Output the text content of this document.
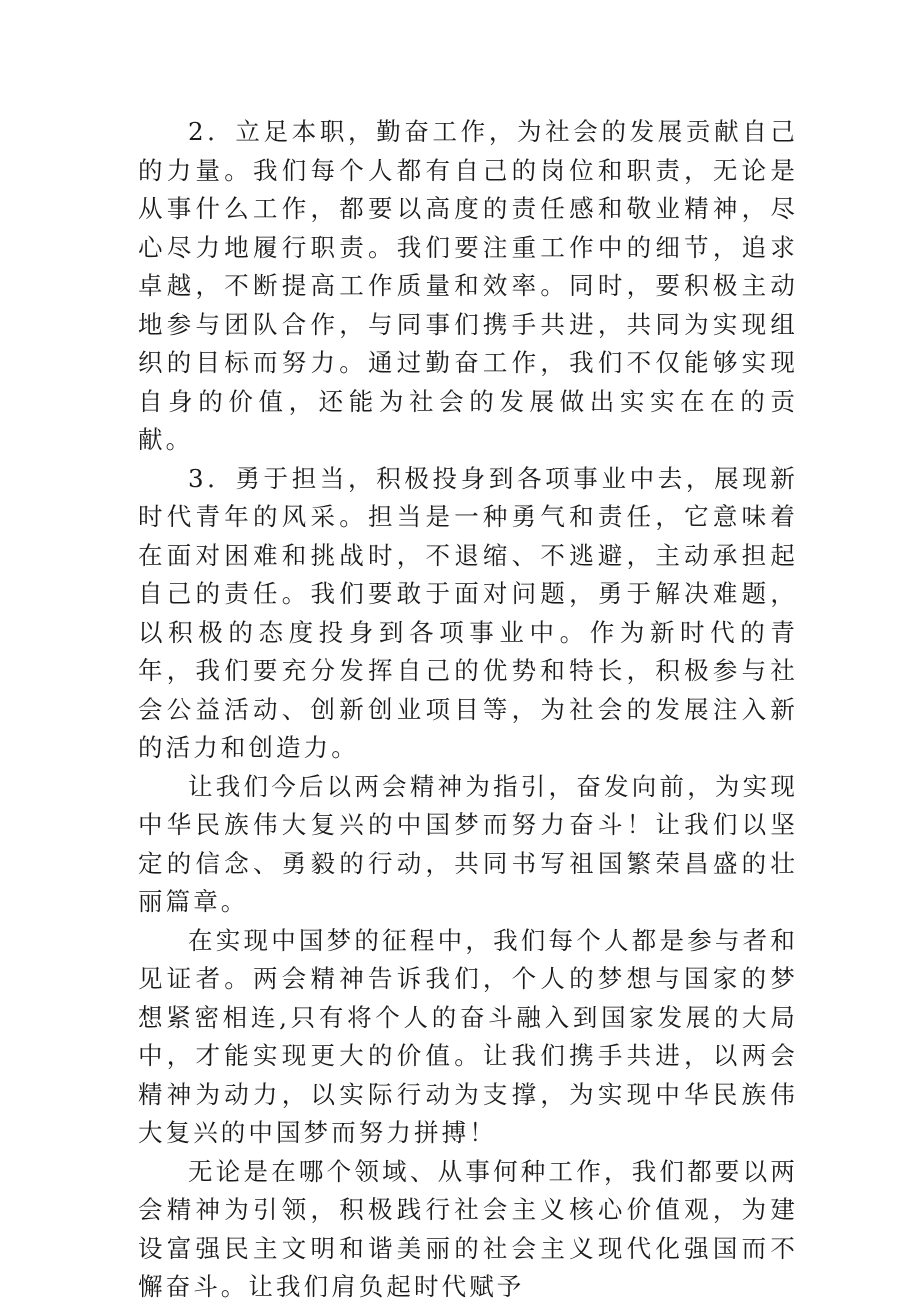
2．立足本职，勤奋工作，为社会的发展贡献自己的力量。我们每个人都有自己的岗位和职责，无论是从事什么工作，都要以高度的责任感和敬业精神，尽心尽力地履行职责。我们要注重工作中的细节，追求卓越，不断提高工作质量和效率。同时，要积极主动地参与团队合作，与同事们携手共进，共同为实现组织的目标而努力。通过勤奋工作，我们不仅能够实现自身的价值，还能为社会的发展做出实实在在的贡献。

3．勇于担当，积极投身到各项事业中去，展现新时代青年的风采。担当是一种勇气和责任，它意味着在面对困难和挑战时，不退缩、不逃避，主动承担起自己的责任。我们要敢于面对问题，勇于解决难题，以积极的态度投身到各项事业中。作为新时代的青年，我们要充分发挥自己的优势和特长，积极参与社会公益活动、创新创业项目等，为社会的发展注入新的活力和创造力。

让我们今后以两会精神为指引，奋发向前，为实现中华民族伟大复兴的中国梦而努力奋斗！让我们以坚定的信念、勇毅的行动，共同书写祖国繁荣昌盛的壮丽篇章。

在实现中国梦的征程中，我们每个人都是参与者和见证者。两会精神告诉我们，个人的梦想与国家的梦想紧密相连,只有将个人的奋斗融入到国家发展的大局中，才能实现更大的价值。让我们携手共进，以两会精神为动力，以实际行动为支撑，为实现中华民族伟大复兴的中国梦而努力拼搏！

无论是在哪个领域、从事何种工作，我们都要以两会精神为引领，积极践行社会主义核心价值观，为建设富强民主文明和谐美丽的社会主义现代化强国而不懈奋斗。让我们肩负起时代赋予
